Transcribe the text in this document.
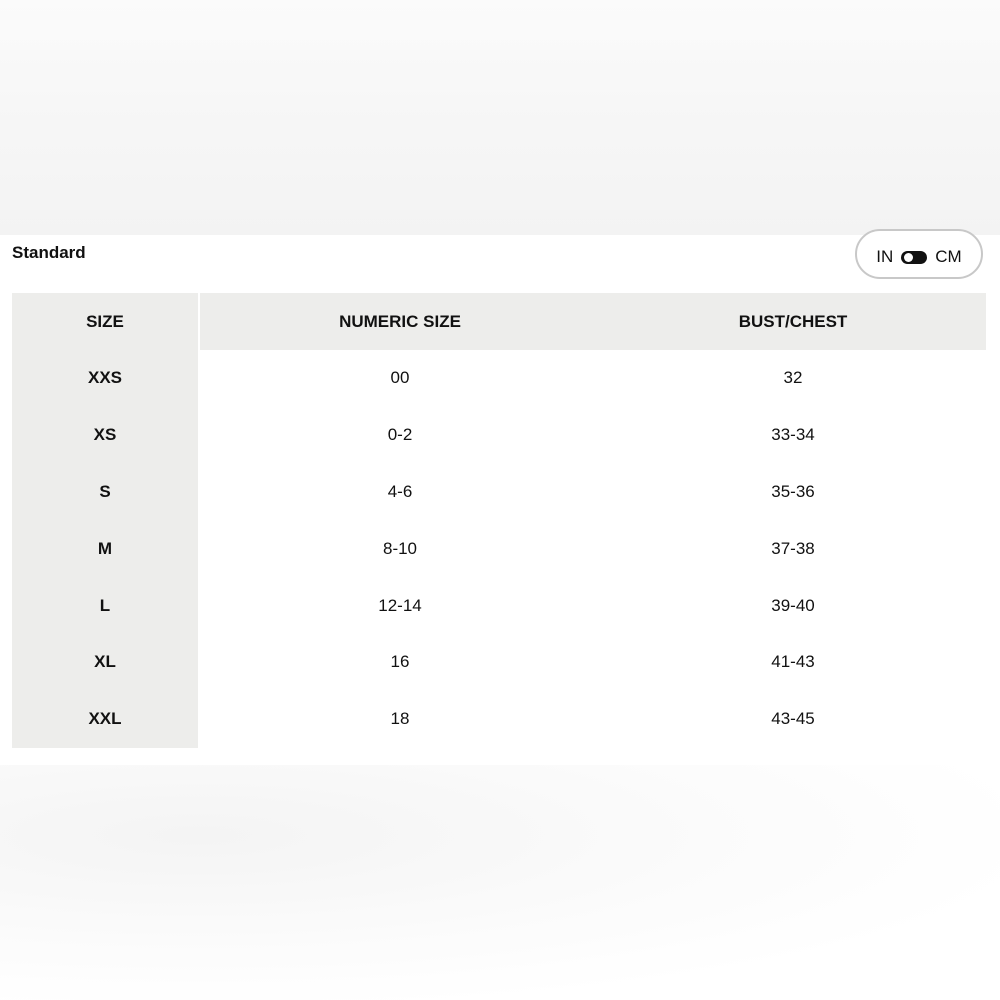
Standard	IN CM
SIZE	NUMERIC SIZE	BUST/CHEST
XXS	00	32
XS	0-2	33-34
S	4-6	35-36
M	8-10	37-38
L	12-14	39-40
XL	16	41-43
XXL	18	43-45
